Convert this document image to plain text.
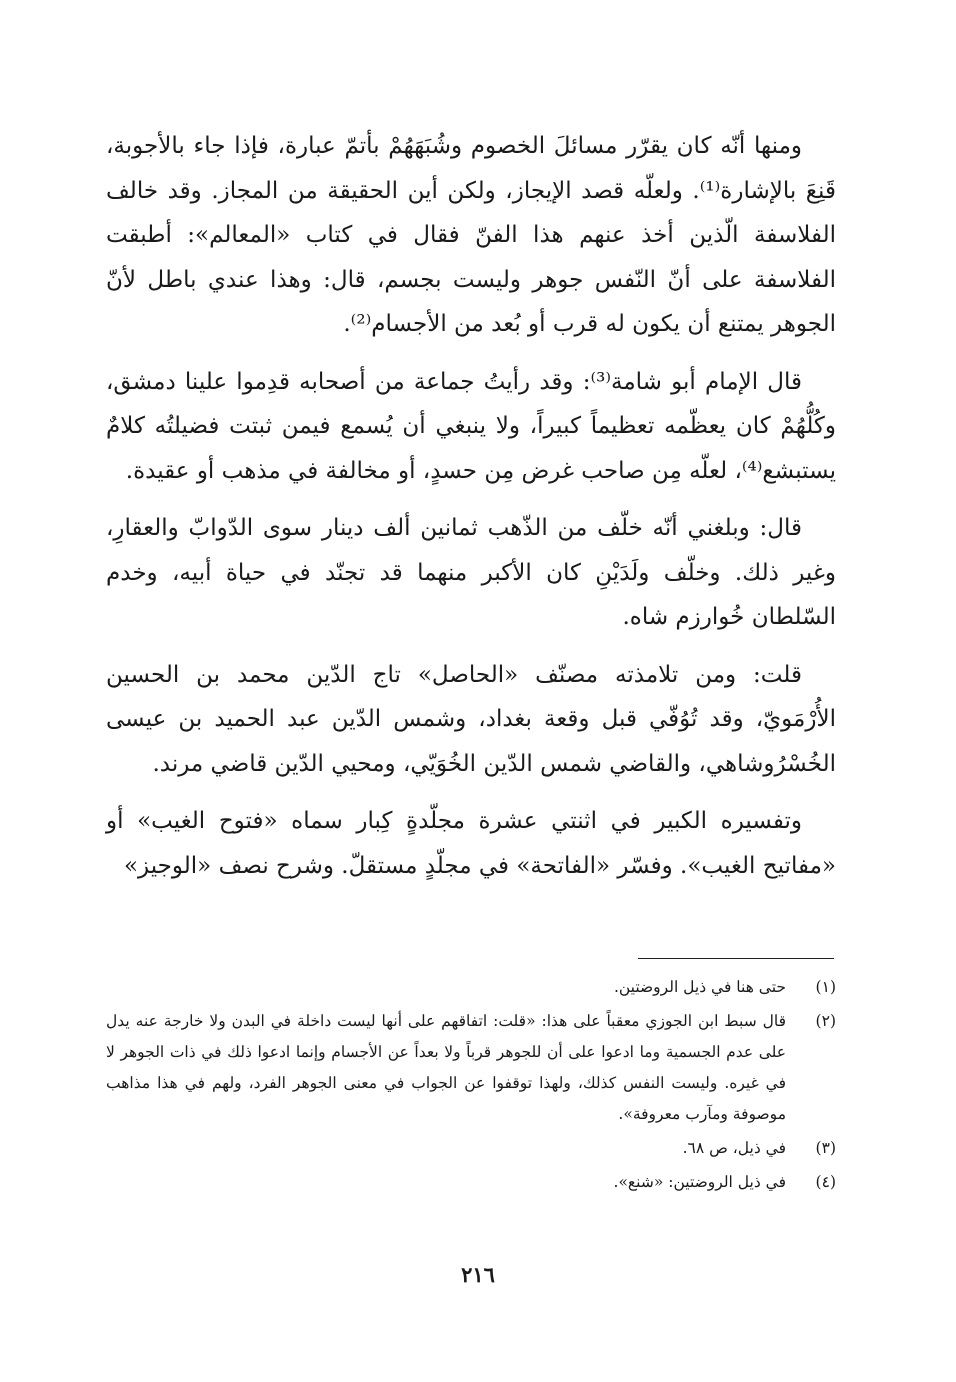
ومنها أنّه كان يقرّر مسائلَ الخصوم وشُبَهَهُمْ بأتمّ عبارة، فإذا جاء بالأجوبة، قَنِعَ بالإشارة⁽¹⁾. ولعلّه قصد الإيجاز، ولكن أين الحقيقة من المجاز. وقد خالف الفلاسفة الّذين أخذ عنهم هذا الفنّ فقال في كتاب «المعالم»: أطبقت الفلاسفة على أنّ النّفس جوهر وليست بجسم، قال: وهذا عندي باطل لأنّ الجوهر يمتنع أن يكون له قرب أو بُعد من الأجسام⁽²⁾.

قال الإمام أبو شامة⁽³⁾: وقد رأيتُ جماعة من أصحابه قدِموا علينا دمشق، وكُلُّهُمْ كان يعظّمه تعظيماً كبيراً، ولا ينبغي أن يُسمع فيمن ثبتت فضيلتُه كلامٌ يستبشع⁽⁴⁾، لعلّه مِن صاحب غرض مِن حسدٍ، أو مخالفة في مذهب أو عقيدة.

قال: وبلغني أنّه خلّف من الذّهب ثمانين ألف دينار سوى الدّوابّ والعقارِ، وغير ذلك. وخلّف ولَدَيْنِ كان الأكبر منهما قد تجنّد في حياة أبيه، وخدم السّلطان خُوارزم شاه.

قلت: ومن تلامذته مصنّف «الحاصل» تاج الدّين محمد بن الحسين الأُرْمَويّ، وقد تُوُفّي قبل وقعة بغداد، وشمس الدّين عبد الحميد بن عيسى الخُسْرُوشاهي، والقاضي شمس الدّين الخُوَيّي، ومحيي الدّين قاضي مرند.

وتفسيره الكبير في اثنتي عشرة مجلّدةٍ كِبار سماه «فتوح الغيب» أو «مفاتيح الغيب». وفسّر «الفاتحة» في مجلّدٍ مستقلّ. وشرح نصف «الوجيز»

(١)
حتى هنا في ذيل الروضتين.
(٢)
قال سبط ابن الجوزي معقباً على هذا: «قلت: اتفاقهم على أنها ليست داخلة في البدن ولا خارجة عنه يدل على عدم الجسمية وما ادعوا على أن للجوهر قرباً ولا بعداً عن الأجسام وإنما ادعوا ذلك في ذات الجوهر لا في غيره. وليست النفس كذلك، ولهذا توقفوا عن الجواب في معنى الجوهر الفرد، ولهم في هذا مذاهب موصوفة ومآرب معروفة».
(٣)
في ذيل، ص ٦٨.
(٤)
في ذيل الروضتين: «شنع».
٢١٦
